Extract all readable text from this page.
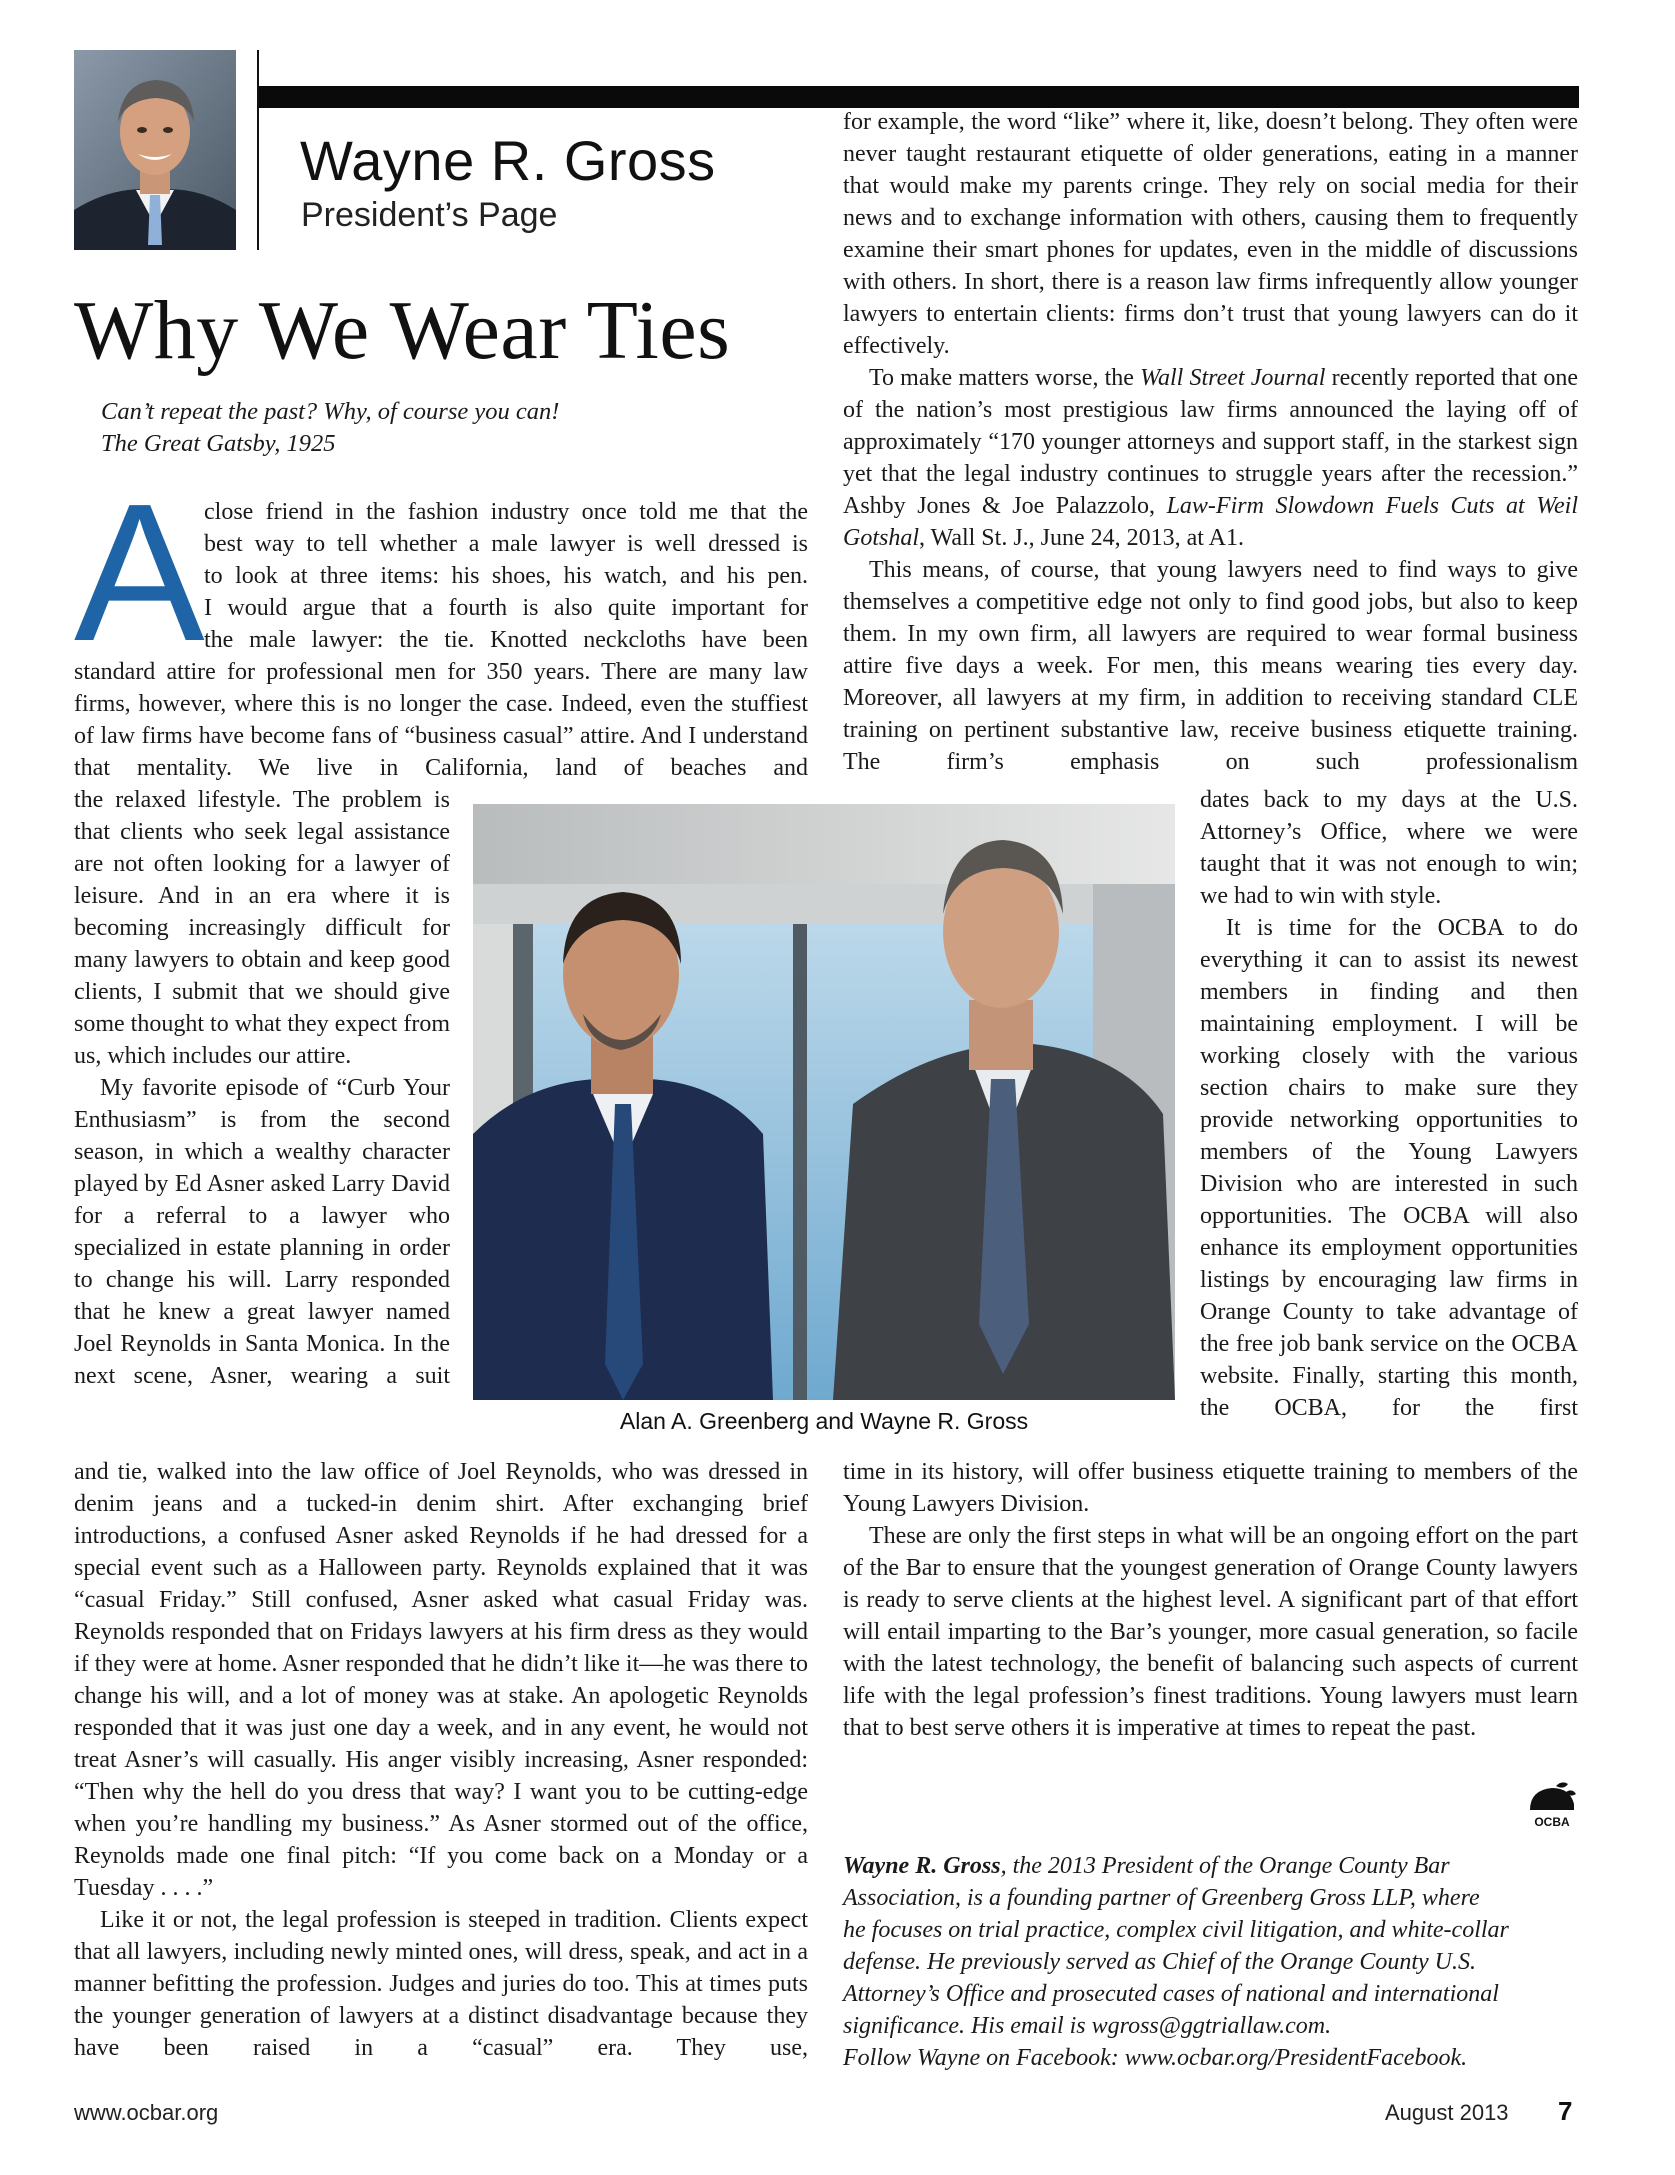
Wayne R. Gross
President’s Page
Why We Wear Ties
Can’t repeat the past? Why, of course you can!
The Great Gatsby, 1925
A close friend in the fashion industry once told me that the
best way to tell whether a male lawyer is well dressed is
to look at three items: his shoes, his watch, and his pen.
I would argue that a fourth is also quite important for
the male lawyer: the tie. Knotted neckcloths have been

standard attire for professional men for 350 years. There are many law firms, however, where this is no longer the case. Indeed, even the stuffiest of law firms have become fans of “business casual” attire. And I understand that mentality. We live in California, land of beaches and

the relaxed lifestyle. The problem is that clients who seek legal assistance are not often looking for a lawyer of leisure. And in an era where it is becoming increasingly difficult for many lawyers to obtain and keep good clients, I submit that we should give some thought to what they expect from us, which includes our attire.

My favorite episode of “Curb Your Enthusiasm” is from the second season, in which a wealthy character played by Ed Asner asked Larry David for a referral to a lawyer who specialized in estate planning in order to change his will. Larry responded that he knew a great lawyer named Joel Reynolds in Santa Monica. In the next scene, Asner, wearing a suit

and tie, walked into the law office of Joel Reynolds, who was dressed in denim jeans and a tucked-in denim shirt. After exchanging brief introductions, a confused Asner asked Reynolds if he had dressed for a special event such as a Halloween party. Reynolds explained that it was “casual Friday.” Still confused, Asner asked what casual Friday was. Reynolds responded that on Fridays lawyers at his firm dress as they would if they were at home. Asner responded that he didn’t like it—he was there to change his will, and a lot of money was at stake. An apologetic Reynolds responded that it was just one day a week, and in any event, he would not treat Asner’s will casually. His anger visibly increasing, Asner responded: “Then why the hell do you dress that way? I want you to be cutting-edge when you’re handling my business.” As Asner stormed out of the office, Reynolds made one final pitch: “If you come back on a Monday or a Tuesday . . . .”

Like it or not, the legal profession is steeped in tradition. Clients expect that all lawyers, including newly minted ones, will dress, speak, and act in a manner befitting the profession. Judges and juries do too. This at times puts the younger generation of lawyers at a distinct disadvantage because they have been raised in a “casual” era. They use,

for example, the word “like” where it, like, doesn’t belong. They often were never taught restaurant etiquette of older generations, eating in a manner that would make my parents cringe. They rely on social media for their news and to exchange information with others, causing them to frequently examine their smart phones for updates, even in the middle of discussions with others. In short, there is a reason law firms infrequently allow younger lawyers to entertain clients: firms don’t trust that young lawyers can do it effectively.

To make matters worse, the Wall Street Journal recently reported that one of the nation’s most prestigious law firms announced the laying off of approximately “170 younger attorneys and support staff, in the starkest sign yet that the legal industry continues to struggle years after the recession.” Ashby Jones & Joe Palazzolo, Law-Firm Slowdown Fuels Cuts at Weil Gotshal, Wall St. J., June 24, 2013, at A1.

This means, of course, that young lawyers need to find ways to give themselves a competitive edge not only to find good jobs, but also to keep them. In my own firm, all lawyers are required to wear formal business attire five days a week. For men, this means wearing ties every day. Moreover, all lawyers at my firm, in addition to receiving standard CLE training on pertinent substantive law, receive business etiquette training. The firm’s emphasis on such professionalism

dates back to my days at the U.S. Attorney’s Office, where we were taught that it was not enough to win; we had to win with style.

It is time for the OCBA to do everything it can to assist its newest members in finding and then maintaining employment. I will be working closely with the various section chairs to make sure they provide networking opportunities to members of the Young Lawyers Division who are interested in such opportunities. The OCBA will also enhance its employment opportunities listings by encouraging law firms in Orange County to take advantage of the free job bank service on the OCBA website. Finally, starting this month, the OCBA, for the first

time in its history, will offer business etiquette training to members of the Young Lawyers Division.

These are only the first steps in what will be an ongoing effort on the part of the Bar to ensure that the youngest generation of Orange County lawyers is ready to serve clients at the highest level. A significant part of that effort will entail imparting to the Bar’s younger, more casual generation, so facile with the latest technology, the benefit of balancing such aspects of current life with the legal profession’s finest traditions. Young lawyers must learn that to best serve others it is imperative at times to repeat the past.

Alan A. Greenberg and Wayne R. Gross
OCBA
Wayne R. Gross, the 2013 President of the Orange County Bar
Association, is a founding partner of Greenberg Gross LLP, where
he focuses on trial practice, complex civil litigation, and white-collar
defense. He previously served as Chief of the Orange County U.S.
Attorney’s Office and prosecuted cases of national and international
significance. His email is wgross@ggtriallaw.com.
Follow Wayne on Facebook: www.ocbar.org/PresidentFacebook.
www.ocbar.org	August 2013 7
